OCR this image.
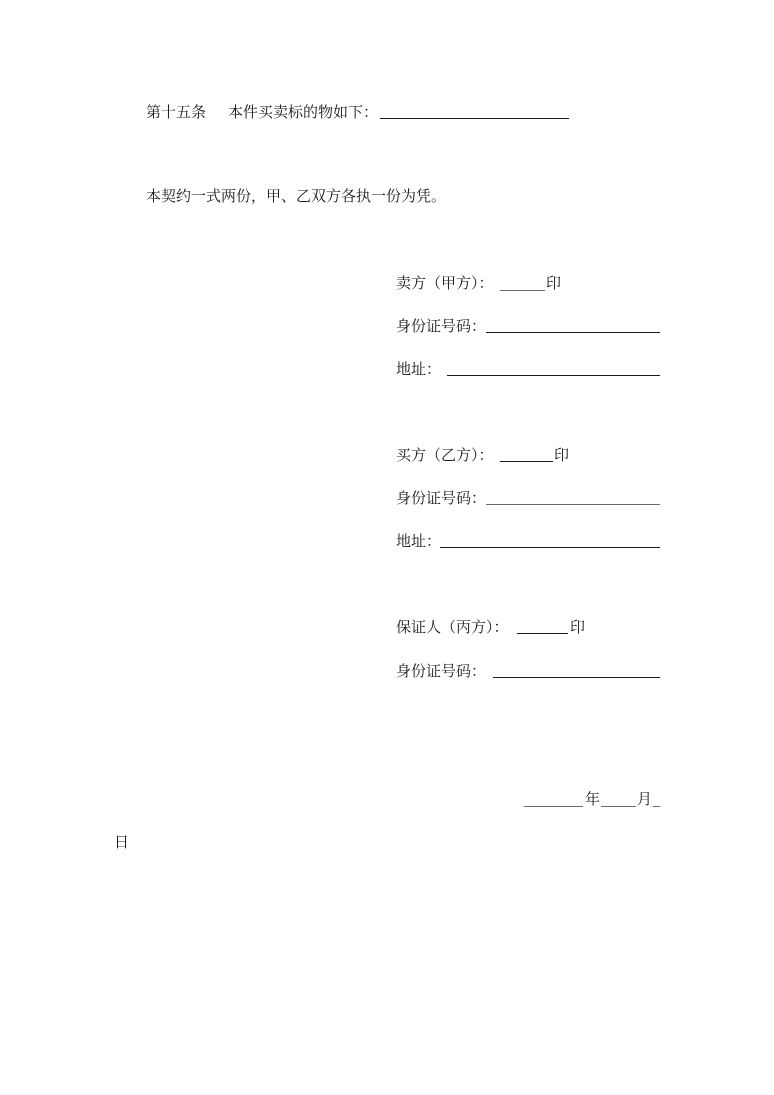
第十五条 本件买卖标的物如下：
本契约一式两份，甲、乙双方各执一份为凭。
卖方（甲方）：	印
身份证号码：
地址：
买方（乙方）：	印
身份证号码：
地址：
保证人（丙方）：	印
身份证号码：
年 月
日
